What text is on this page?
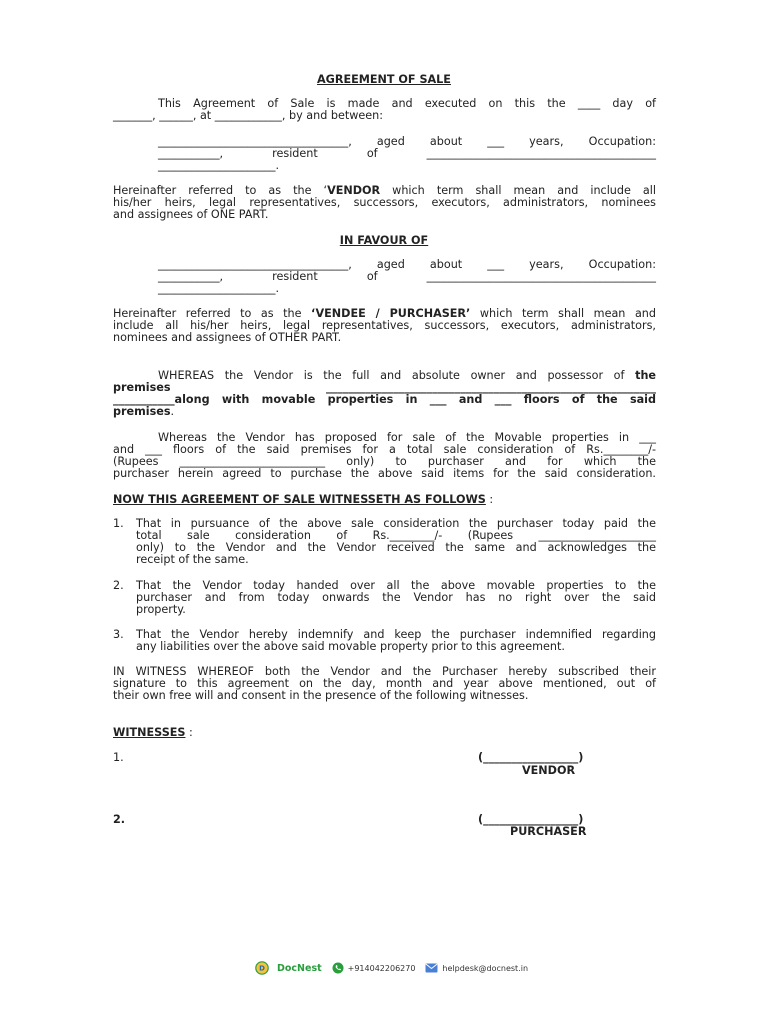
AGREEMENT OF SALE
This Agreement of Sale is made and executed on this the ____ day of
_______, ______, at ____________, by and between:
__________________________________, aged about ___ years, Occupation:
___________, resident of _________________________________________
_____________________.
Hereinafter referred to as the ‘VENDOR which term shall mean and include all
his/her heirs, legal representatives, successors, executors, administrators, nominees
and assignees of ONE PART.
IN FAVOUR OF
__________________________________, aged about ___ years, Occupation:
___________, resident of _________________________________________
_____________________.
Hereinafter referred to as the ‘VENDEE / PURCHASER’ which term shall mean and
include all his/her heirs, legal representatives, successors, executors, administrators,
nominees and assignees of OTHER PART.
WHEREAS the Vendor is the full and absolute owner and possessor of the
premises ___________________________________________________________
___________along with movable properties in ___ and ___ floors of the said
premises.
Whereas the Vendor has proposed for sale of the Movable properties in ___
and ___ floors of the said premises for a total sale consideration of Rs.________/-
(Rupees __________________________ only) to purchaser and for which the
purchaser herein agreed to purchase the above said items for the said consideration.
NOW THIS AGREEMENT OF SALE WITNESSETH AS FOLLOWS :
1. That in pursuance of the above sale consideration the purchaser today paid the
total sale consideration of Rs.________/- (Rupees _____________________
only) to the Vendor and the Vendor received the same and acknowledges the
receipt of the same.
2. That the Vendor today handed over all the above movable properties to the
purchaser and from today onwards the Vendor has no right over the said
property.
3. That the Vendor hereby indemnify and keep the purchaser indemnified regarding
any liabilities over the above said movable property prior to this agreement.
IN WITNESS WHEREOF both the Vendor and the Purchaser hereby subscribed their
signature to this agreement on the day, month and year above mentioned, out of
their own free will and consent in the presence of the following witnesses.
WITNESSES :
1.	(_________________)
VENDOR
2.	(_________________)
PURCHASER
D DocNest	+914042206270	helpdesk@docnest.in
